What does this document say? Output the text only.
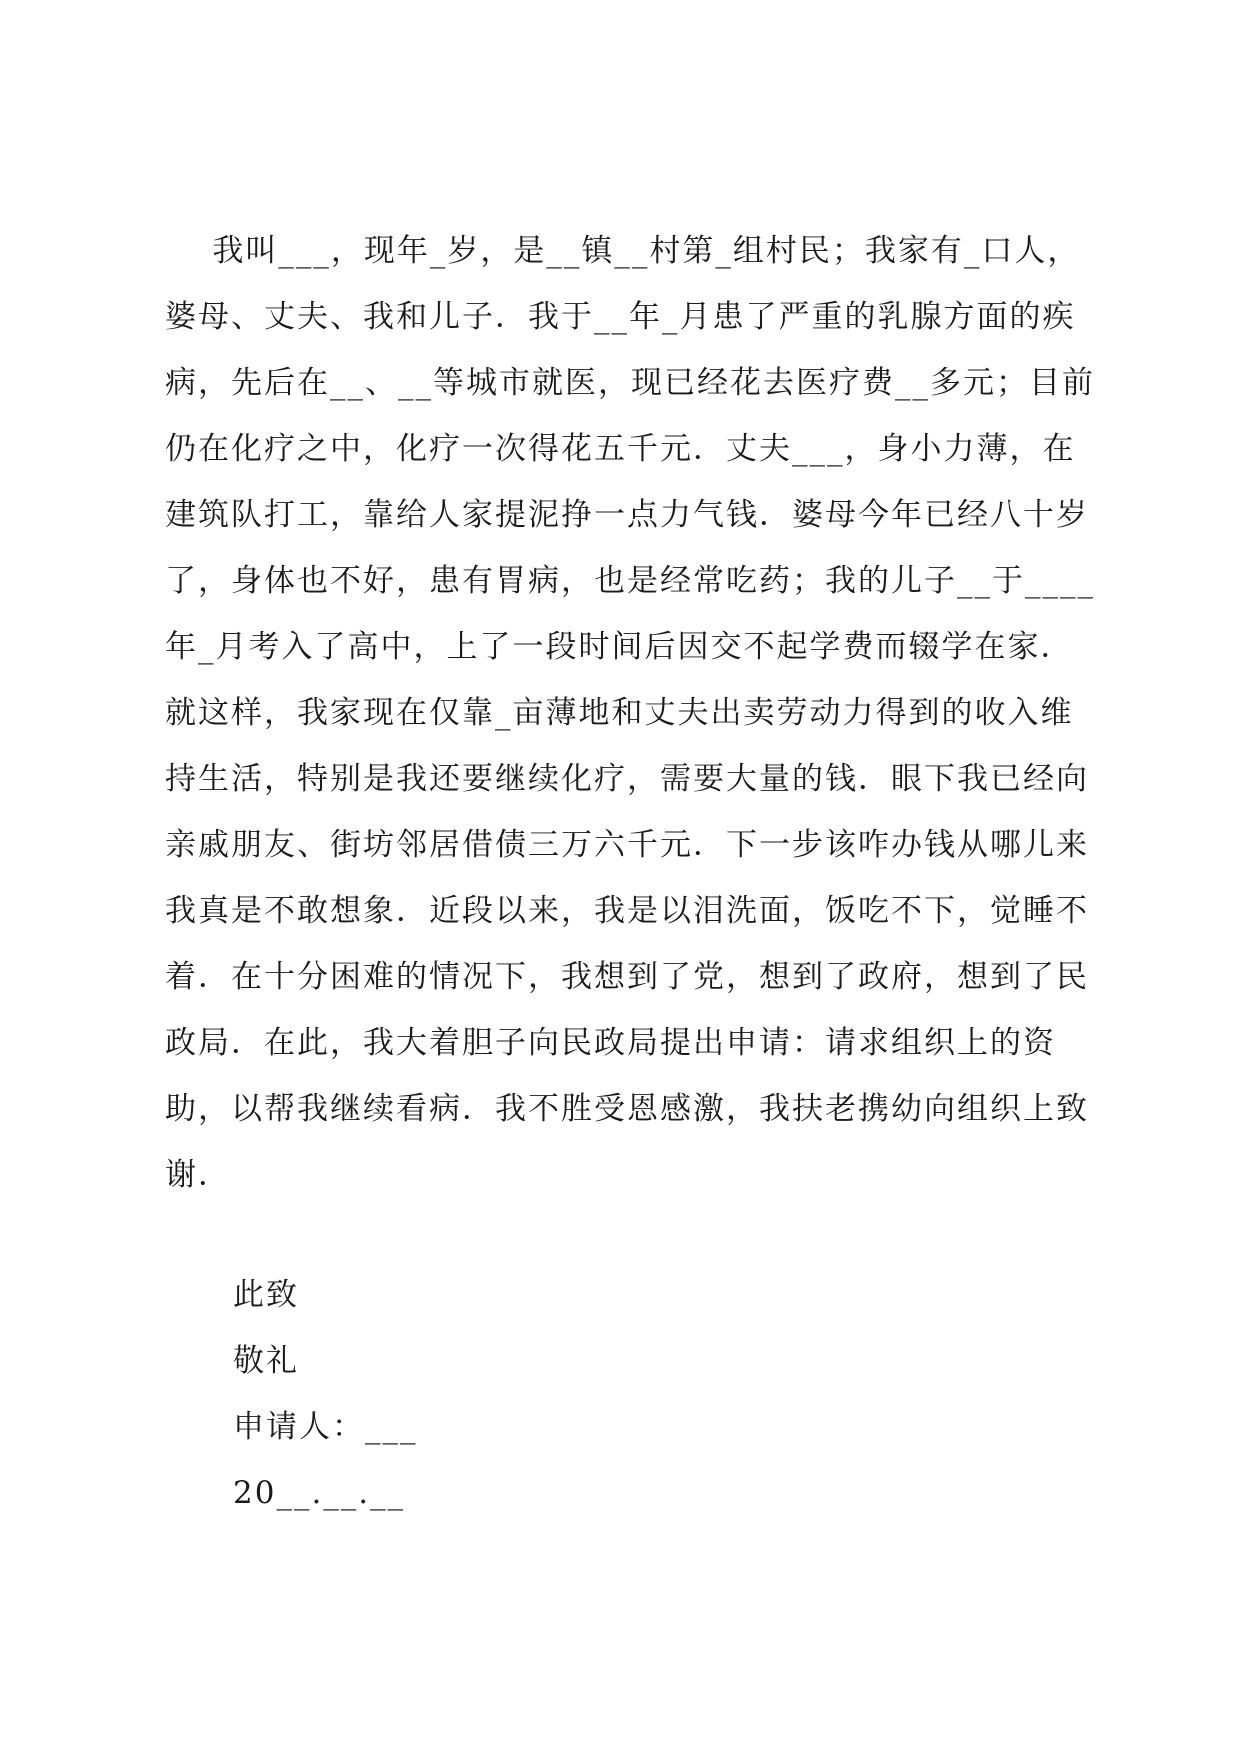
我叫___，现年_岁，是__镇__村第_组村民；我家有_口人，
婆母、丈夫、我和儿子．我于__年_月患了严重的乳腺方面的疾
病，先后在__、__等城市就医，现已经花去医疗费__多元；目前
仍在化疗之中，化疗一次得花五千元．丈夫___，身小力薄，在
建筑队打工，靠给人家提泥挣一点力气钱．婆母今年已经八十岁
了，身体也不好，患有胃病，也是经常吃药；我的儿子__于____
年_月考入了高中，上了一段时间后因交不起学费而辍学在家．
就这样，我家现在仅靠_亩薄地和丈夫出卖劳动力得到的收入维
持生活，特别是我还要继续化疗，需要大量的钱．眼下我已经向
亲戚朋友、街坊邻居借债三万六千元．下一步该咋办钱从哪儿来
我真是不敢想象．近段以来，我是以泪洗面，饭吃不下，觉睡不
着．在十分困难的情况下，我想到了党，想到了政府，想到了民
政局．在此，我大着胆子向民政局提出申请：请求组织上的资
助，以帮我继续看病．我不胜受恩感激，我扶老携幼向组织上致
谢．
此致
敬礼
申请人：___
20__.__.__
